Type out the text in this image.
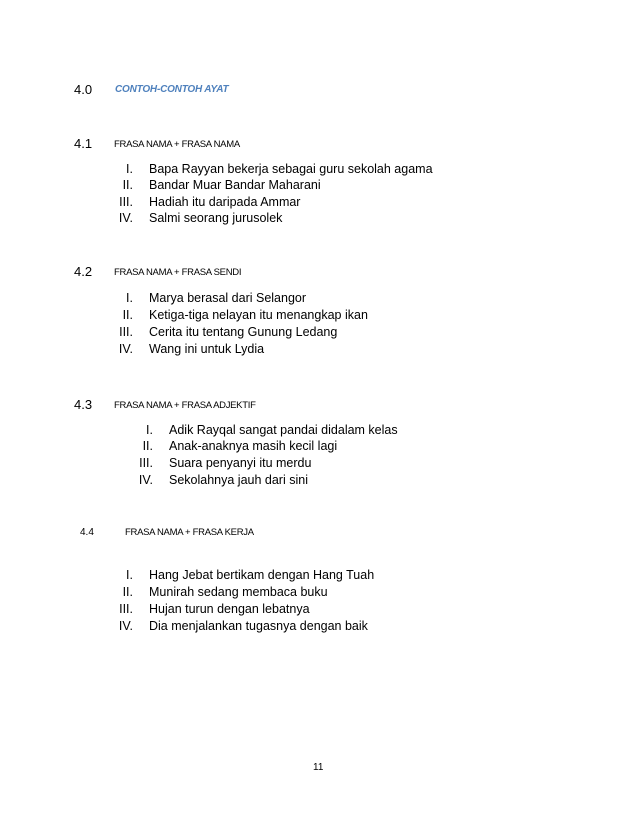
4.0 CONTOH-CONTOH AYAT
4.1 FRASA NAMA + FRASA NAMA
I. Bapa Rayyan bekerja sebagai guru sekolah agama
II. Bandar Muar Bandar Maharani
III. Hadiah itu daripada Ammar
IV. Salmi seorang jurusolek
4.2 FRASA NAMA + FRASA SENDI
I. Marya berasal dari Selangor
II. Ketiga-tiga nelayan itu menangkap ikan
III. Cerita itu tentang Gunung Ledang
IV. Wang ini untuk Lydia
4.3 FRASA NAMA + FRASA ADJEKTIF
I. Adik Rayqal sangat pandai didalam kelas
II. Anak-anaknya masih kecil lagi
III. Suara penyanyi itu merdu
IV. Sekolahnya jauh dari sini
4.4	FRASA NAMA + FRASA KERJA
I. Hang Jebat bertikam dengan Hang Tuah
II. Munirah sedang membaca buku
III. Hujan turun dengan lebatnya
IV. Dia menjalankan tugasnya dengan baik
11
